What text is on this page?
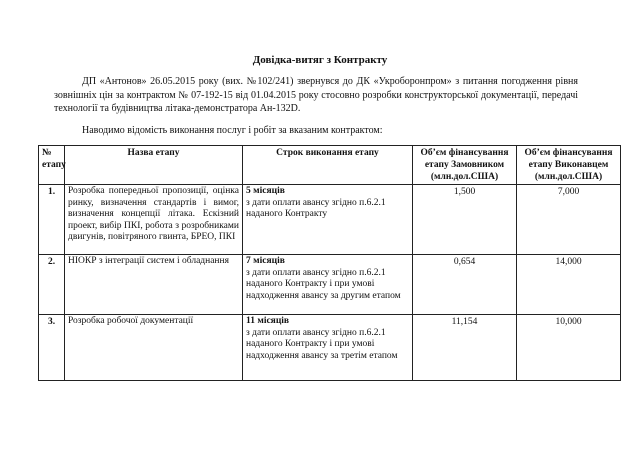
Довідка-витяг з Контракту
ДП «Антонов» 26.05.2015 року (вих. №102/241) звернувся до ДК «Укроборонпром» з питання погодження рівня зовнішніх цін за контрактом № 07-192-15 від 01.04.2015 року стосовно розробки конструкторської документації, передачі технології та будівництва літака-демонстратора Ан-132D.
Наводимо відомість виконання послуг і робіт за вказаним контрактом:
№ етапу	Назва етапу	Строк виконання етапу	Об’єм фінансування етапу Замовником (млн.дол.США)	Об’єм фінансування етапу Виконавцем (млн.дол.США)
1.	Розробка попередньої пропозиції, оцінка ринку, визначення стандартів і вимог, визначення концепції літака. Ескізний проект, вибір ПКІ, робота з розробниками двигунів, повітряного гвинта, БРЕО, ПКІ	5 місяців
з дати оплати авансу згідно п.6.2.1 наданого Контракту	1,500	7,000
2.	НІОКР з інтеграції систем і обладнання	7 місяців
з дати оплати авансу згідно п.6.2.1 наданого Контракту і при умові надходження авансу за другим етапом	0,654	14,000
3.	Розробка робочої документації	11 місяців
з дати оплати авансу згідно п.6.2.1 наданого Контракту і при умові надходження авансу за третім етапом	11,154	10,000
